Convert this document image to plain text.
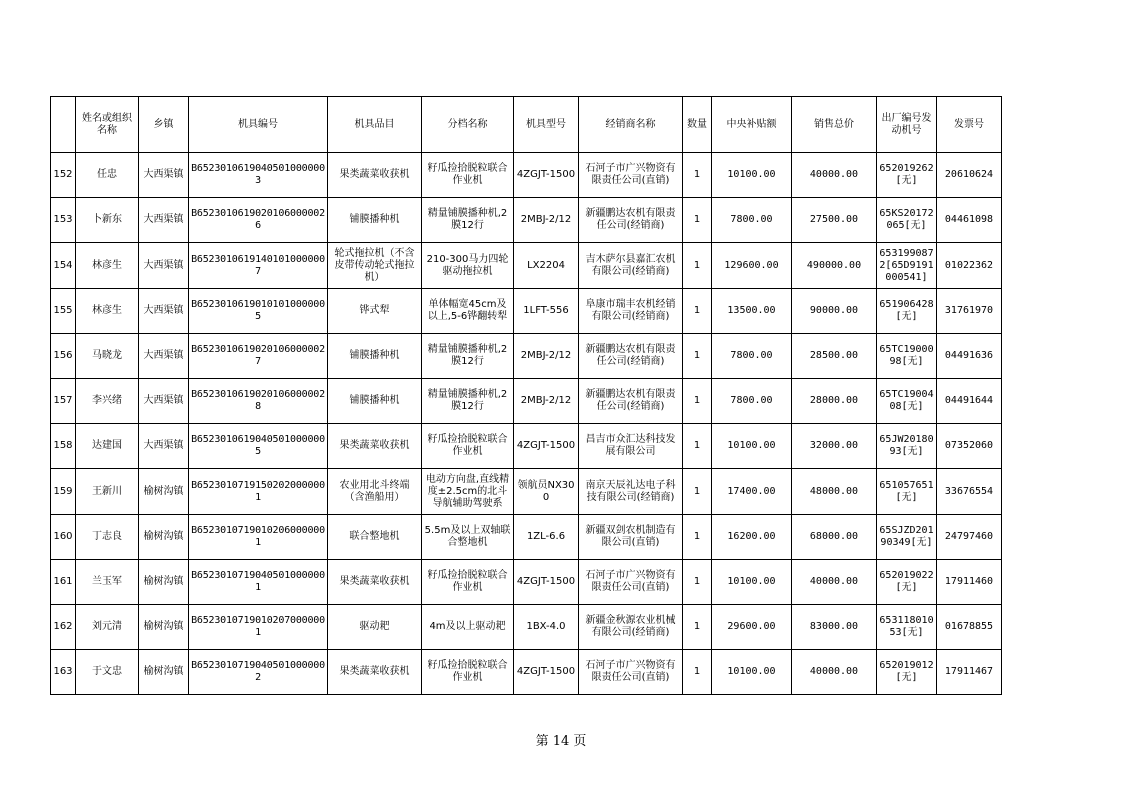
	姓名或组织名称	乡镇	机具编号	机具品目	分档名称	机具型号	经销商名称	数量	中央补贴额	销售总价	出厂编号发动机号	发票号
152	任忠	大西渠镇	B65230106190405010000003	果类蔬菜收获机	籽瓜捡拾脱粒联合作业机	4ZGJT-1500	石河子市广兴物资有限责任公司(直销)	1	10100.00	40000.00	652019262[无]	20610624
153	卜新东	大西渠镇	B65230106190201060000026	铺膜播种机	精量铺膜播种机,2膜12行	2MBJ-2/12	新疆鹏达农机有限责任公司(经销商)	1	7800.00	27500.00	65KS20172065[无]	04461098
154	林彦生	大西渠镇	B65230106191401010000007	轮式拖拉机（不含皮带传动轮式拖拉机）	210-300马力四轮驱动拖拉机	LX2204	吉木萨尔县嘉汇农机有限公司(经销商)	1	129600.00	490000.00	6531990872[65D9191000541]	01022362
155	林彦生	大西渠镇	B65230106190101010000005	铧式犁	单体幅宽45cm及以上,5-6铧翻转犁	1LFT-556	阜康市瑞丰农机经销有限公司(经销商)	1	13500.00	90000.00	651906428[无]	31761970
156	马晓龙	大西渠镇	B65230106190201060000027	铺膜播种机	精量铺膜播种机,2膜12行	2MBJ-2/12	新疆鹏达农机有限责任公司(经销商)	1	7800.00	28500.00	65TC1900098[无]	04491636
157	李兴绪	大西渠镇	B65230106190201060000028	铺膜播种机	精量铺膜播种机,2膜12行	2MBJ-2/12	新疆鹏达农机有限责任公司(经销商)	1	7800.00	28000.00	65TC1900408[无]	04491644
158	达建国	大西渠镇	B65230106190405010000005	果类蔬菜收获机	籽瓜捡拾脱粒联合作业机	4ZGJT-1500	昌吉市众汇达科技发展有限公司	1	10100.00	32000.00	65JW2018093[无]	07352060
159	王新川	榆树沟镇	B65230107191502020000001	农业用北斗终端（含渔船用）	电动方向盘,直线精度±2.5cm的北斗导航辅助驾驶系	领航员NX300	南京天辰礼达电子科技有限公司(经销商)	1	17400.00	48000.00	651057651[无]	33676554
160	丁志良	榆树沟镇	B65230107190102060000001	联合整地机	5.5m及以上双轴联合整地机	1ZL-6.6	新疆双剑农机制造有限公司(直销)	1	16200.00	68000.00	65SJZD20190349[无]	24797460
161	兰玉军	榆树沟镇	B65230107190405010000001	果类蔬菜收获机	籽瓜捡拾脱粒联合作业机	4ZGJT-1500	石河子市广兴物资有限责任公司(直销)	1	10100.00	40000.00	652019022[无]	17911460
162	刘元清	榆树沟镇	B65230107190102070000001	驱动耙	4m及以上驱动耙	1BX-4.0	新疆金秋源农业机械有限公司(经销商)	1	29600.00	83000.00	65311801053[无]	01678855
163	于文忠	榆树沟镇	B65230107190405010000002	果类蔬菜收获机	籽瓜捡拾脱粒联合作业机	4ZGJT-1500	石河子市广兴物资有限责任公司(直销)	1	10100.00	40000.00	652019012[无]	17911467
第 14 页
